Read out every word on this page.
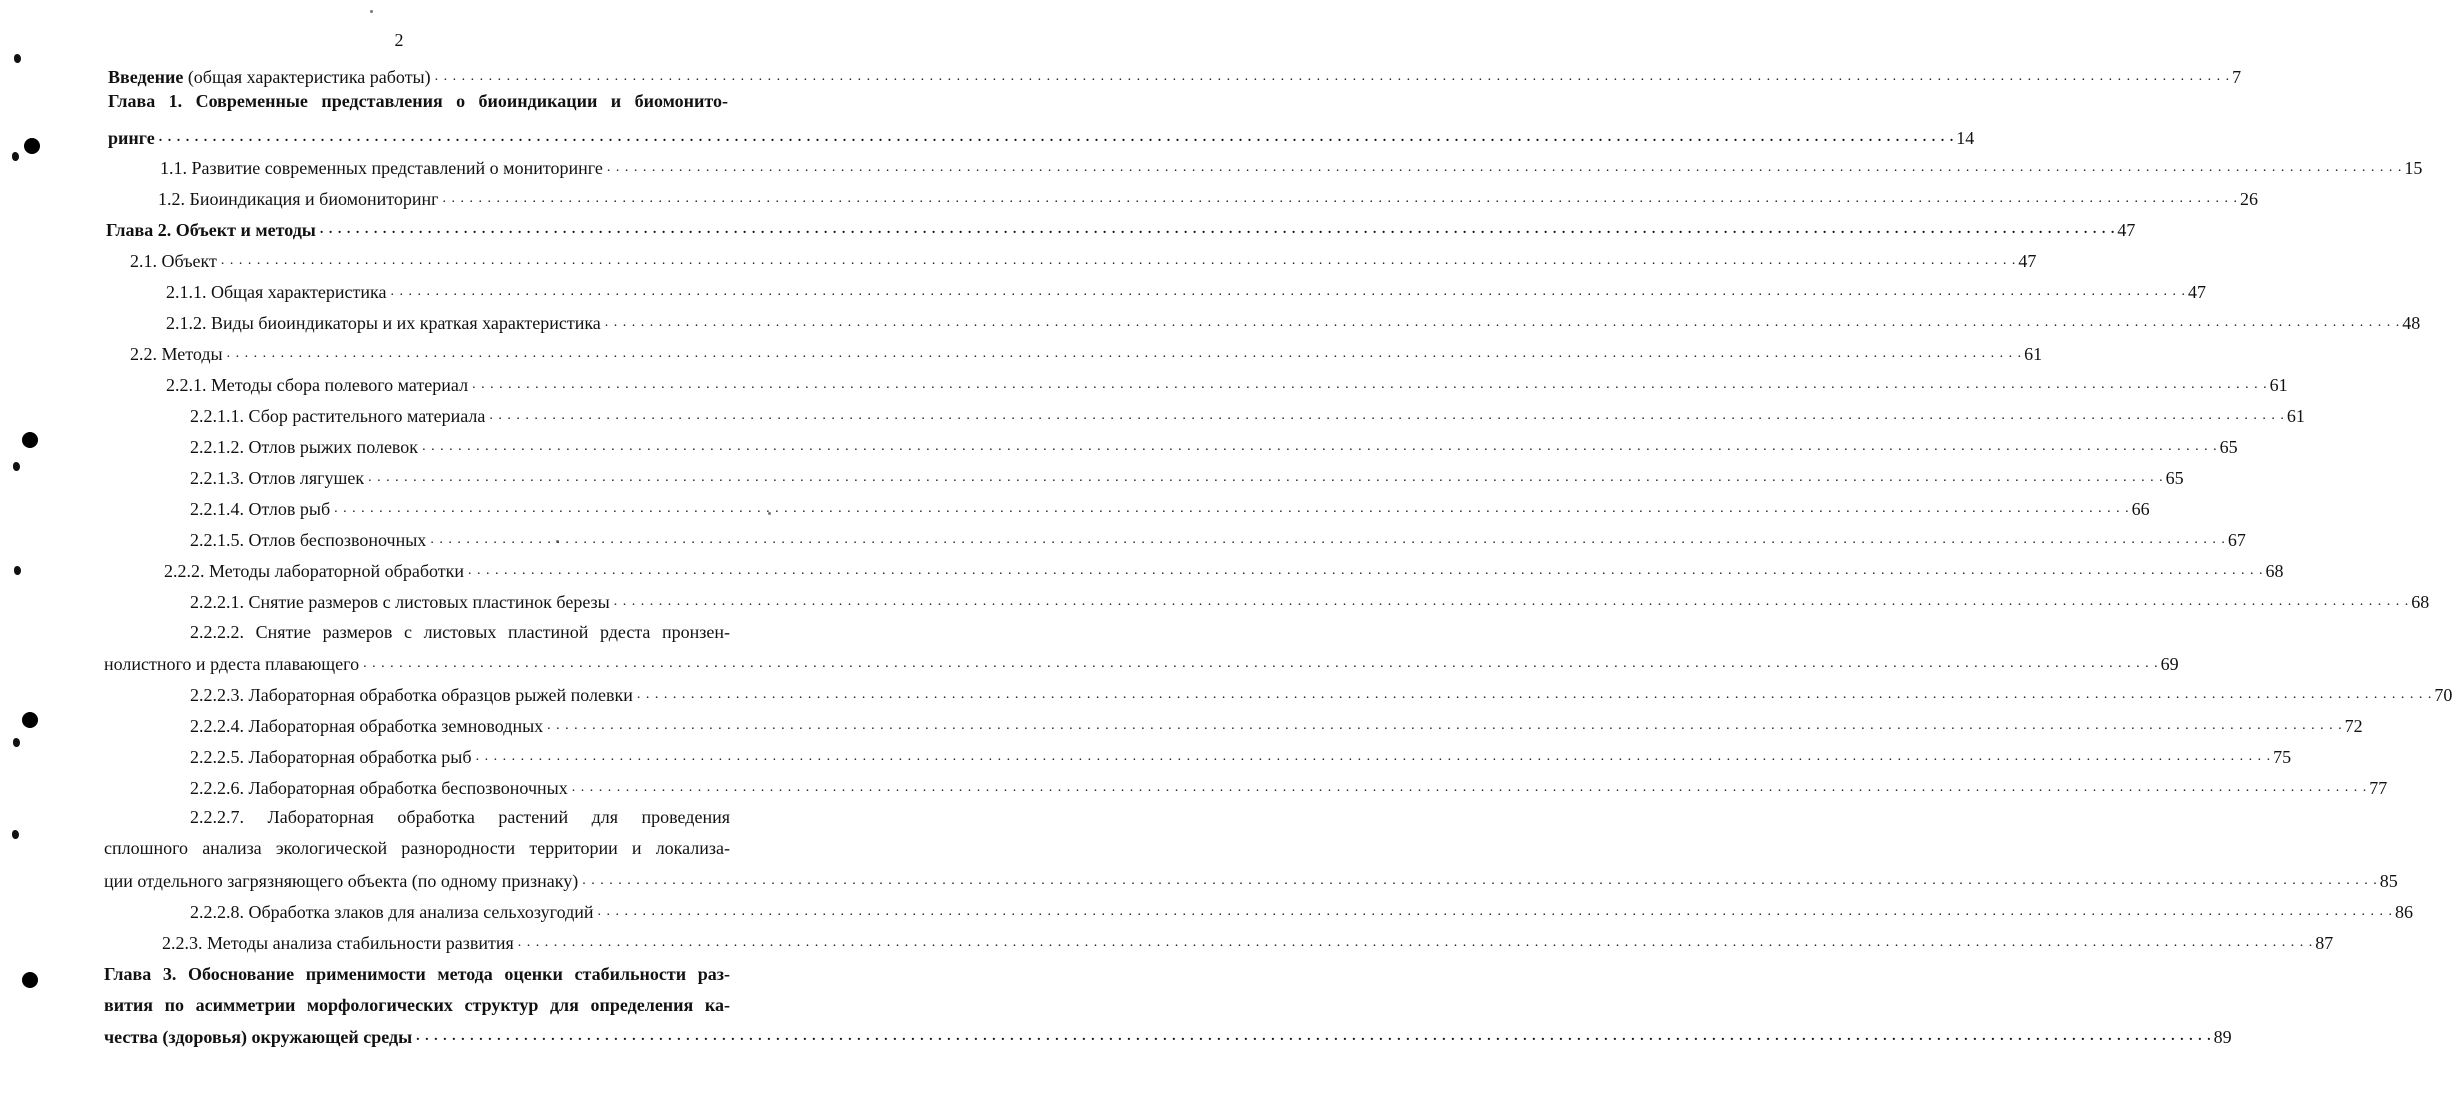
2
Введение (общая характеристика работы) . . . . . . . . . . . . . . . . . . . . . . . . . . . . . . . . . . . . . . . . . . . . . . . . . . . . . . . . . . . . . . . . . . . . . . . . . . . . . . . . . . . . . . . . . . . . . . . . . . . . . . . . . . . . . . . . . . . . . . . . . . . . . . . . . . . . . . . . . . . . . . . . . . . . . . . . . . . . . . . . . . . . . . . . . . . . . . . . . . . . . . . . . . . . . . . . . . . . . . . . 7
Глава 1. Современные представления о биоиндикации и биомонито-
ринге . . . . . . . . . . . . . . . . . . . . . . . . . . . . . . . . . . . . . . . . . . . . . . . . . . . . . . . . . . . . . . . . . . . . . . . . . . . . . . . . . . . . . . . . . . . . . . . . . . . . . . . . . . . . . . . . . . . . . . . . . . . . . . . . . . . . . . . . . . . . . . . . . . . . . . . . . . . . . . . . . . . . . . . . . . . . . . . . . . . . . . . . . . . . . . . . . . . . . . . . 14
1.1. Развитие современных представлений о мониторинге . . . . . . . . . . . . . . . . . . . . . . . . . . . . . . . . . . . . . . . . . . . . . . . . . . . . . . . . . . . . . . . . . . . . . . . . . . . . . . . . . . . . . . . . . . . . . . . . . . . . . . . . . . . . . . . . . . . . . . . . . . . . . . . . . . . . . . . . . . . . . . . . . . . . . . . . . . . . . . . . . . . . . . . . . . . . . . . . . . . . . . . . . . . . . . . . . . . . . . . . 15
1.2. Биоиндикация и биомониторинг . . . . . . . . . . . . . . . . . . . . . . . . . . . . . . . . . . . . . . . . . . . . . . . . . . . . . . . . . . . . . . . . . . . . . . . . . . . . . . . . . . . . . . . . . . . . . . . . . . . . . . . . . . . . . . . . . . . . . . . . . . . . . . . . . . . . . . . . . . . . . . . . . . . . . . . . . . . . . . . . . . . . . . . . . . . . . . . . . . . . . . . . . . . . . . . . . . . . . . . . 26
Глава 2. Объект и методы . . . . . . . . . . . . . . . . . . . . . . . . . . . . . . . . . . . . . . . . . . . . . . . . . . . . . . . . . . . . . . . . . . . . . . . . . . . . . . . . . . . . . . . . . . . . . . . . . . . . . . . . . . . . . . . . . . . . . . . . . . . . . . . . . . . . . . . . . . . . . . . . . . . . . . . . . . . . . . . . . . . . . . . . . . . . . . . . . . . . . . . . . . . . . . . . . . . . . . . . 47
2.1. Объект . . . . . . . . . . . . . . . . . . . . . . . . . . . . . . . . . . . . . . . . . . . . . . . . . . . . . . . . . . . . . . . . . . . . . . . . . . . . . . . . . . . . . . . . . . . . . . . . . . . . . . . . . . . . . . . . . . . . . . . . . . . . . . . . . . . . . . . . . . . . . . . . . . . . . . . . . . . . . . . . . . . . . . . . . . . . . . . . . . . . . . . . . . . . . . . . . . . . . . . . 47
2.1.1. Общая характеристика . . . . . . . . . . . . . . . . . . . . . . . . . . . . . . . . . . . . . . . . . . . . . . . . . . . . . . . . . . . . . . . . . . . . . . . . . . . . . . . . . . . . . . . . . . . . . . . . . . . . . . . . . . . . . . . . . . . . . . . . . . . . . . . . . . . . . . . . . . . . . . . . . . . . . . . . . . . . . . . . . . . . . . . . . . . . . . . . . . . . . . . . . . . . . . . . . . . . . . . . 47
2.1.2. Виды биоиндикаторы и их краткая характеристика . . . . . . . . . . . . . . . . . . . . . . . . . . . . . . . . . . . . . . . . . . . . . . . . . . . . . . . . . . . . . . . . . . . . . . . . . . . . . . . . . . . . . . . . . . . . . . . . . . . . . . . . . . . . . . . . . . . . . . . . . . . . . . . . . . . . . . . . . . . . . . . . . . . . . . . . . . . . . . . . . . . . . . . . . . . . . . . . . . . . . . . . . . . . . . . . . . . . . . . . 48
2.2. Методы . . . . . . . . . . . . . . . . . . . . . . . . . . . . . . . . . . . . . . . . . . . . . . . . . . . . . . . . . . . . . . . . . . . . . . . . . . . . . . . . . . . . . . . . . . . . . . . . . . . . . . . . . . . . . . . . . . . . . . . . . . . . . . . . . . . . . . . . . . . . . . . . . . . . . . . . . . . . . . . . . . . . . . . . . . . . . . . . . . . . . . . . . . . . . . . . . . . . . . . . 61
2.2.1. Методы сбора полевого материал . . . . . . . . . . . . . . . . . . . . . . . . . . . . . . . . . . . . . . . . . . . . . . . . . . . . . . . . . . . . . . . . . . . . . . . . . . . . . . . . . . . . . . . . . . . . . . . . . . . . . . . . . . . . . . . . . . . . . . . . . . . . . . . . . . . . . . . . . . . . . . . . . . . . . . . . . . . . . . . . . . . . . . . . . . . . . . . . . . . . . . . . . . . . . . . . . . . . . . . . 61
2.2.1.1. Сбор растительного материала . . . . . . . . . . . . . . . . . . . . . . . . . . . . . . . . . . . . . . . . . . . . . . . . . . . . . . . . . . . . . . . . . . . . . . . . . . . . . . . . . . . . . . . . . . . . . . . . . . . . . . . . . . . . . . . . . . . . . . . . . . . . . . . . . . . . . . . . . . . . . . . . . . . . . . . . . . . . . . . . . . . . . . . . . . . . . . . . . . . . . . . . . . . . . . . . . . . . . . . . 61
2.2.1.2. Отлов рыжих полевок . . . . . . . . . . . . . . . . . . . . . . . . . . . . . . . . . . . . . . . . . . . . . . . . . . . . . . . . . . . . . . . . . . . . . . . . . . . . . . . . . . . . . . . . . . . . . . . . . . . . . . . . . . . . . . . . . . . . . . . . . . . . . . . . . . . . . . . . . . . . . . . . . . . . . . . . . . . . . . . . . . . . . . . . . . . . . . . . . . . . . . . . . . . . . . . . . . . . . . . . 65
2.2.1.3. Отлов лягушек . . . . . . . . . . . . . . . . . . . . . . . . . . . . . . . . . . . . . . . . . . . . . . . . . . . . . . . . . . . . . . . . . . . . . . . . . . . . . . . . . . . . . . . . . . . . . . . . . . . . . . . . . . . . . . . . . . . . . . . . . . . . . . . . . . . . . . . . . . . . . . . . . . . . . . . . . . . . . . . . . . . . . . . . . . . . . . . . . . . . . . . . . . . . . . . . . . . . . . . . 65
2.2.1.4. Отлов рыб . . . . . . . . . . . . . . . . . . . . . . . . . . . . . . . . . . . . . . . . . . . . . . . . . . . . . . . . . . . . . . . . . . . . . . . . . . . . . . . . . . . . . . . . . . . . . . . . . . . . . . . . . . . . . . . . . . . . . . . . . . . . . . . . . . . . . . . . . . . . . . . . . . . . . . . . . . . . . . . . . . . . . . . . . . . . . . . . . . . . . . . . . . . . . . . . . . . . . . . . 66
2.2.1.5. Отлов беспозвоночных . . . . . . . . . . . . . . . . . . . . . . . . . . . . . . . . . . . . . . . . . . . . . . . . . . . . . . . . . . . . . . . . . . . . . . . . . . . . . . . . . . . . . . . . . . . . . . . . . . . . . . . . . . . . . . . . . . . . . . . . . . . . . . . . . . . . . . . . . . . . . . . . . . . . . . . . . . . . . . . . . . . . . . . . . . . . . . . . . . . . . . . . . . . . . . . . . . . . . . . . 67
2.2.2. Методы лабораторной обработки . . . . . . . . . . . . . . . . . . . . . . . . . . . . . . . . . . . . . . . . . . . . . . . . . . . . . . . . . . . . . . . . . . . . . . . . . . . . . . . . . . . . . . . . . . . . . . . . . . . . . . . . . . . . . . . . . . . . . . . . . . . . . . . . . . . . . . . . . . . . . . . . . . . . . . . . . . . . . . . . . . . . . . . . . . . . . . . . . . . . . . . . . . . . . . . . . . . . . . . . 68
2.2.2.1. Снятие размеров с листовых пластинок березы . . . . . . . . . . . . . . . . . . . . . . . . . . . . . . . . . . . . . . . . . . . . . . . . . . . . . . . . . . . . . . . . . . . . . . . . . . . . . . . . . . . . . . . . . . . . . . . . . . . . . . . . . . . . . . . . . . . . . . . . . . . . . . . . . . . . . . . . . . . . . . . . . . . . . . . . . . . . . . . . . . . . . . . . . . . . . . . . . . . . . . . . . . . . . . . . . . . . . . . . 68
2.2.2.2. Снятие размеров с листовых пластиной рдеста пронзен-
нолистного и рдеста плавающего . . . . . . . . . . . . . . . . . . . . . . . . . . . . . . . . . . . . . . . . . . . . . . . . . . . . . . . . . . . . . . . . . . . . . . . . . . . . . . . . . . . . . . . . . . . . . . . . . . . . . . . . . . . . . . . . . . . . . . . . . . . . . . . . . . . . . . . . . . . . . . . . . . . . . . . . . . . . . . . . . . . . . . . . . . . . . . . . . . . . . . . . . . . . . . . . . . . . . . . . 69
2.2.2.3. Лабораторная обработка образцов рыжей полевки . . . . . . . . . . . . . . . . . . . . . . . . . . . . . . . . . . . . . . . . . . . . . . . . . . . . . . . . . . . . . . . . . . . . . . . . . . . . . . . . . . . . . . . . . . . . . . . . . . . . . . . . . . . . . . . . . . . . . . . . . . . . . . . . . . . . . . . . . . . . . . . . . . . . . . . . . . . . . . . . . . . . . . . . . . . . . . . . . . . . . . . . . . . . . . . . . . . . . . . . 70
2.2.2.4. Лабораторная обработка земноводных . . . . . . . . . . . . . . . . . . . . . . . . . . . . . . . . . . . . . . . . . . . . . . . . . . . . . . . . . . . . . . . . . . . . . . . . . . . . . . . . . . . . . . . . . . . . . . . . . . . . . . . . . . . . . . . . . . . . . . . . . . . . . . . . . . . . . . . . . . . . . . . . . . . . . . . . . . . . . . . . . . . . . . . . . . . . . . . . . . . . . . . . . . . . . . . . . . . . . . . . 72
2.2.2.5. Лабораторная обработка рыб . . . . . . . . . . . . . . . . . . . . . . . . . . . . . . . . . . . . . . . . . . . . . . . . . . . . . . . . . . . . . . . . . . . . . . . . . . . . . . . . . . . . . . . . . . . . . . . . . . . . . . . . . . . . . . . . . . . . . . . . . . . . . . . . . . . . . . . . . . . . . . . . . . . . . . . . . . . . . . . . . . . . . . . . . . . . . . . . . . . . . . . . . . . . . . . . . . . . . . . . 75
2.2.2.6. Лабораторная обработка беспозвоночных . . . . . . . . . . . . . . . . . . . . . . . . . . . . . . . . . . . . . . . . . . . . . . . . . . . . . . . . . . . . . . . . . . . . . . . . . . . . . . . . . . . . . . . . . . . . . . . . . . . . . . . . . . . . . . . . . . . . . . . . . . . . . . . . . . . . . . . . . . . . . . . . . . . . . . . . . . . . . . . . . . . . . . . . . . . . . . . . . . . . . . . . . . . . . . . . . . . . . . . . 77
2.2.2.7. Лабораторная обработка растений для проведения
сплошного анализа экологической разнородности территории и локализа-
ции отдельного загрязняющего объекта (по одному признаку) . . . . . . . . . . . . . . . . . . . . . . . . . . . . . . . . . . . . . . . . . . . . . . . . . . . . . . . . . . . . . . . . . . . . . . . . . . . . . . . . . . . . . . . . . . . . . . . . . . . . . . . . . . . . . . . . . . . . . . . . . . . . . . . . . . . . . . . . . . . . . . . . . . . . . . . . . . . . . . . . . . . . . . . . . . . . . . . . . . . . . . . . . . . . . . . . . . . . . . . . 85
2.2.2.8. Обработка злаков для анализа сельхозугодий . . . . . . . . . . . . . . . . . . . . . . . . . . . . . . . . . . . . . . . . . . . . . . . . . . . . . . . . . . . . . . . . . . . . . . . . . . . . . . . . . . . . . . . . . . . . . . . . . . . . . . . . . . . . . . . . . . . . . . . . . . . . . . . . . . . . . . . . . . . . . . . . . . . . . . . . . . . . . . . . . . . . . . . . . . . . . . . . . . . . . . . . . . . . . . . . . . . . . . . . 86
2.2.3. Методы анализа стабильности развития . . . . . . . . . . . . . . . . . . . . . . . . . . . . . . . . . . . . . . . . . . . . . . . . . . . . . . . . . . . . . . . . . . . . . . . . . . . . . . . . . . . . . . . . . . . . . . . . . . . . . . . . . . . . . . . . . . . . . . . . . . . . . . . . . . . . . . . . . . . . . . . . . . . . . . . . . . . . . . . . . . . . . . . . . . . . . . . . . . . . . . . . . . . . . . . . . . . . . . . . 87
Глава 3. Обоснование применимости метода оценки стабильности раз-
вития по асимметрии морфологических структур для определения ка-
чества (здоровья) окружающей среды . . . . . . . . . . . . . . . . . . . . . . . . . . . . . . . . . . . . . . . . . . . . . . . . . . . . . . . . . . . . . . . . . . . . . . . . . . . . . . . . . . . . . . . . . . . . . . . . . . . . . . . . . . . . . . . . . . . . . . . . . . . . . . . . . . . . . . . . . . . . . . . . . . . . . . . . . . . . . . . . . . . . . . . . . . . . . . . . . . . . . . . . . . . . . . . . . . . . . . . . 89
